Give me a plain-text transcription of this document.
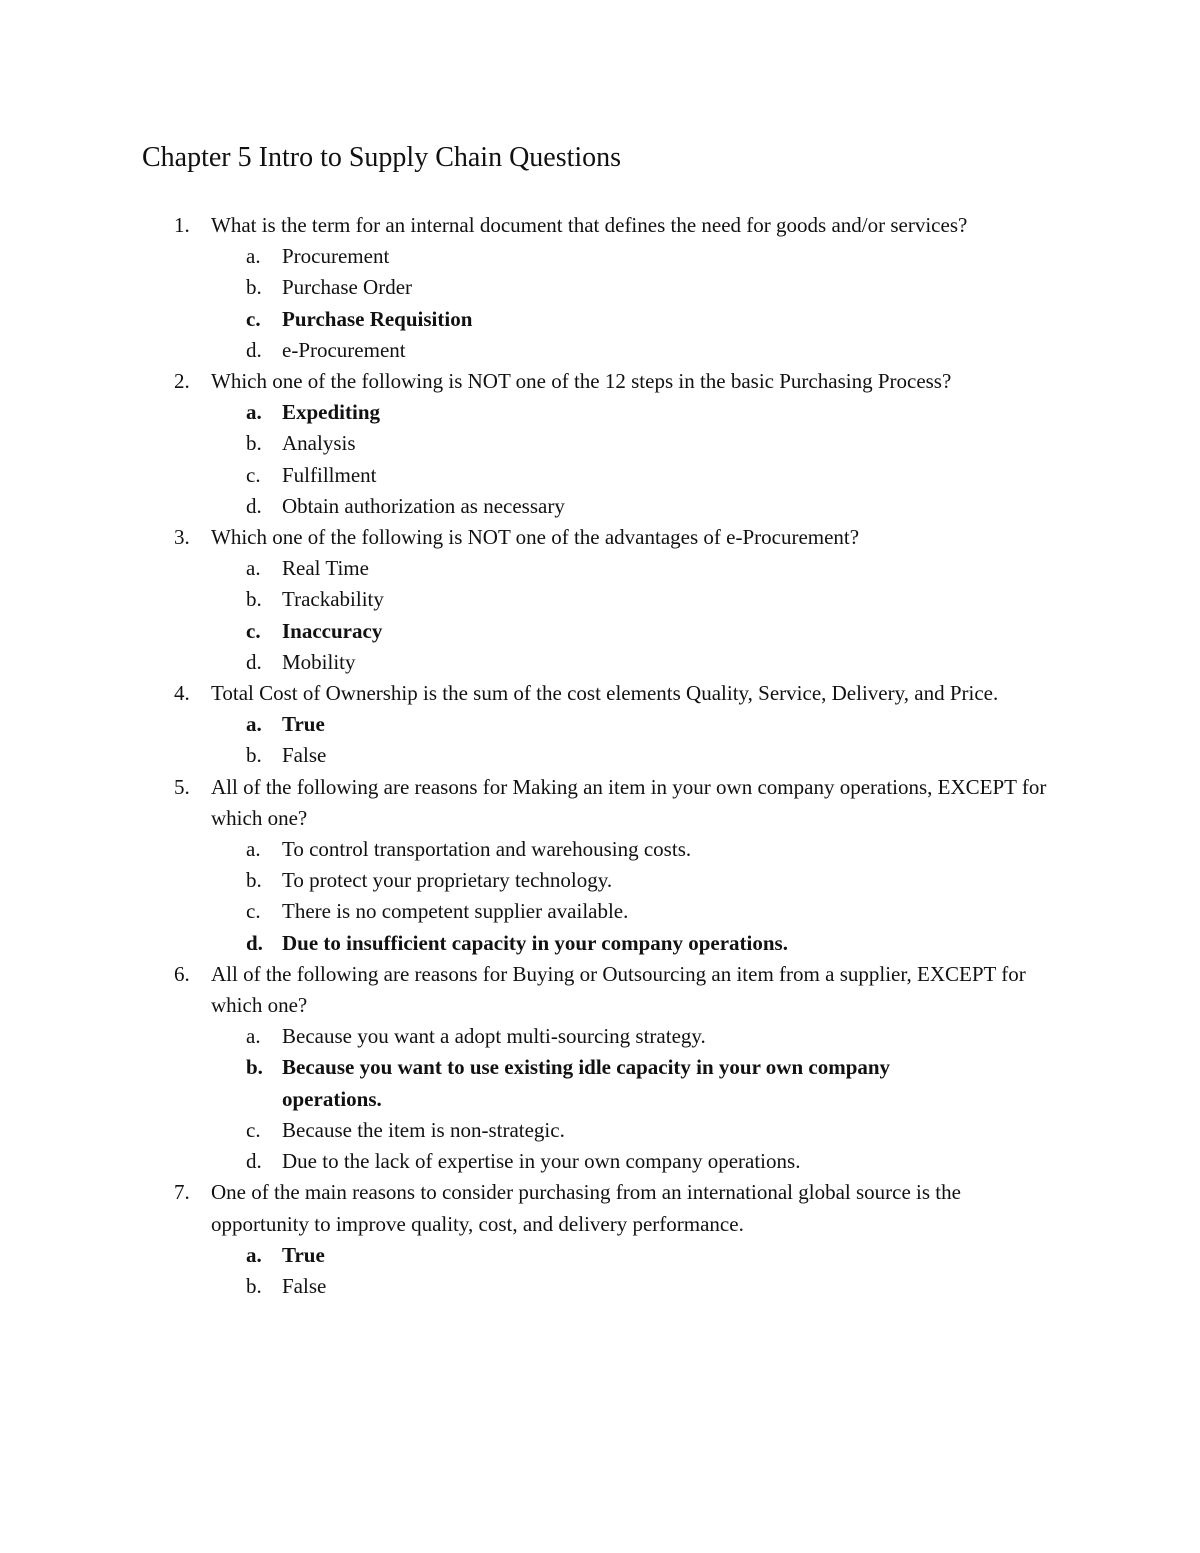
Chapter 5 Intro to Supply Chain Questions
1.	What is the term for an internal document that defines the need for goods and/or services?
a.	Procurement
b. Purchase Order
c.	Purchase Requisition
d. e-Procurement
2.	Which one of the following is NOT one of the 12 steps in the basic Purchasing Process?
a. Expediting
b. Analysis
c.	Fulfillment
d. Obtain authorization as necessary
3.	Which one of the following is NOT one of the advantages of e-Procurement?
a.	Real Time
b. Trackability
c.	Inaccuracy
d. Mobility
4.	Total Cost of Ownership is the sum of the cost elements Quality, Service, Delivery, and Price.
a. True
b. False
5.	All of the following are reasons for Making an item in your own company operations, EXCEPT for which one?
a.	To control transportation and warehousing costs.
b. To protect your proprietary technology.
c.	There is no competent supplier available.
d. Due to insufficient capacity in your company operations.
6.	All of the following are reasons for Buying or Outsourcing an item from a supplier, EXCEPT for which one?
a.	Because you want a adopt multi-sourcing strategy.
b. Because you want to use existing idle capacity in your own company operations.
c.	Because the item is non-strategic.
d. Due to the lack of expertise in your own company operations.
7.	One of the main reasons to consider purchasing from an international global source is the opportunity to improve quality, cost, and delivery performance.
a. True
b. False
